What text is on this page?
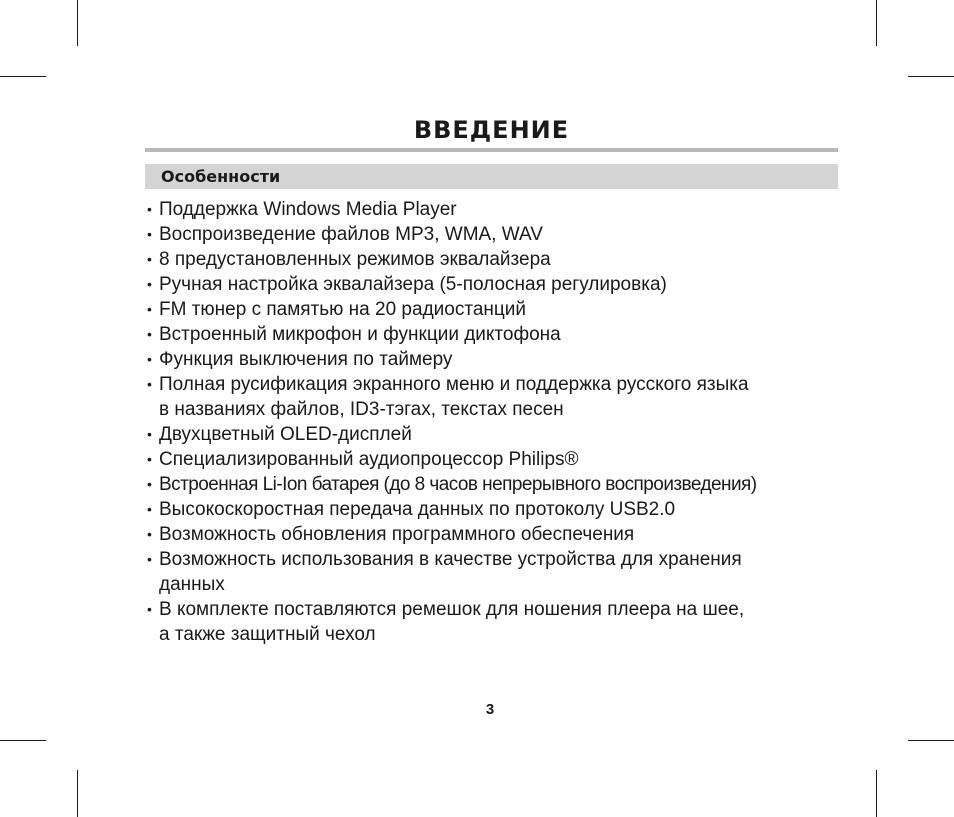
ВВЕДЕНИЕ
Особенности
• Поддержка Windows Media Player
• Воспроизведение файлов MP3, WMA, WAV
• 8 предустановленных режимов эквалайзера
• Ручная настройка эквалайзера (5-полосная регулировка)
• FM тюнер с памятью на 20 радиостанций
• Встроенный микрофон и функции диктофона
• Функция выключения по таймеру
• Полная русификация экранного меню и поддержка русского языка
в названиях файлов, ID3-тэгах, текстах песен
• Двухцветный OLED-дисплей
• Специализированный аудиопроцессор Philips®
• Встроенная Li-Ion батарея (до 8 часов непрерывного воспроизведения)
• Высокоскоростная передача данных по протоколу USB2.0
• Возможность обновления программного обеспечения
• Возможность использования в качестве устройства для хранения
данных
• В комплекте поставляются ремешок для ношения плеера на шее,
а также защитный чехол
3
